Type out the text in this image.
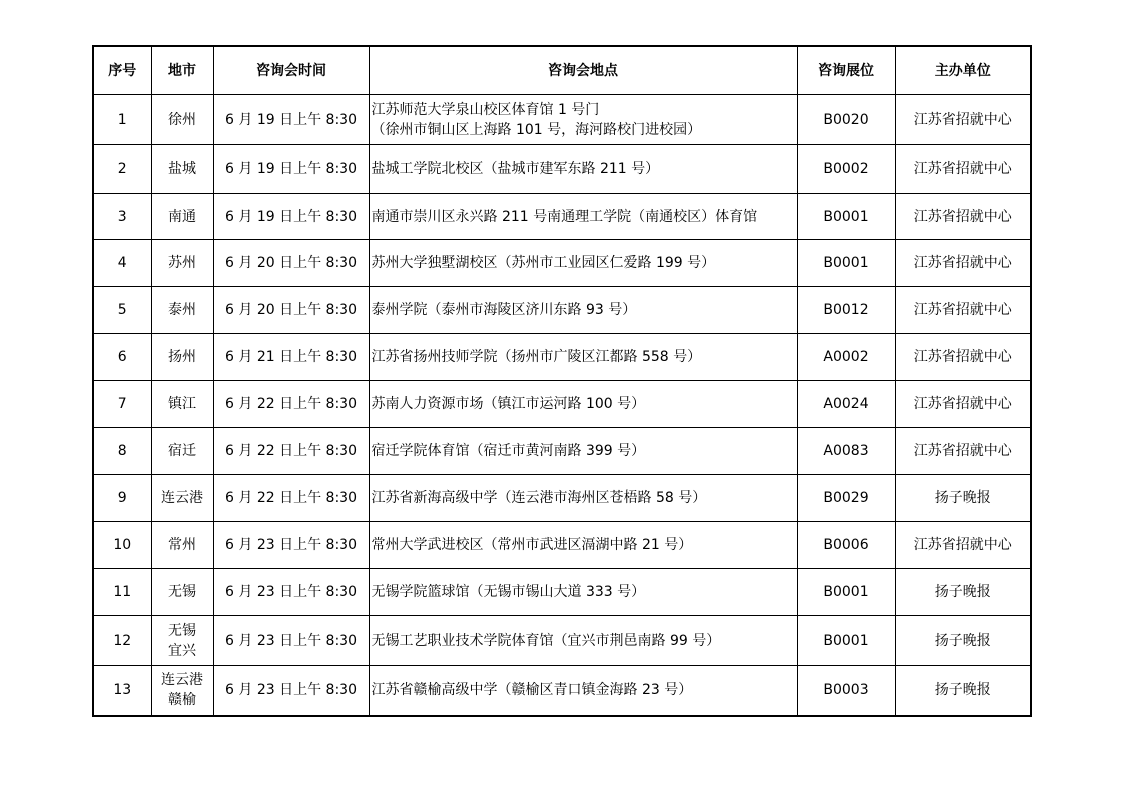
序号	地市	咨询会时间	咨询会地点	咨询展位	主办单位
1	徐州	6 月 19 日上午 8:30	江苏师范大学泉山校区体育馆 1 号门
（徐州市铜山区上海路 101 号，海河路校门进校园）	B0020	江苏省招就中心
2	盐城	6 月 19 日上午 8:30	盐城工学院北校区（盐城市建军东路 211 号）	B0002	江苏省招就中心
3	南通	6 月 19 日上午 8:30	南通市崇川区永兴路 211 号南通理工学院（南通校区）体育馆	B0001	江苏省招就中心
4	苏州	6 月 20 日上午 8:30	苏州大学独墅湖校区（苏州市工业园区仁爱路 199 号）	B0001	江苏省招就中心
5	泰州	6 月 20 日上午 8:30	泰州学院（泰州市海陵区济川东路 93 号）	B0012	江苏省招就中心
6	扬州	6 月 21 日上午 8:30	江苏省扬州技师学院（扬州市广陵区江都路 558 号）	A0002	江苏省招就中心
7	镇江	6 月 22 日上午 8:30	苏南人力资源市场（镇江市运河路 100 号）	A0024	江苏省招就中心
8	宿迁	6 月 22 日上午 8:30	宿迁学院体育馆（宿迁市黄河南路 399 号）	A0083	江苏省招就中心
9	连云港	6 月 22 日上午 8:30	江苏省新海高级中学（连云港市海州区苍梧路 58 号）	B0029	扬子晚报
10	常州	6 月 23 日上午 8:30	常州大学武进校区（常州市武进区滆湖中路 21 号）	B0006	江苏省招就中心
11	无锡	6 月 23 日上午 8:30	无锡学院篮球馆（无锡市锡山大道 333 号）	B0001	扬子晚报
12	无锡
宜兴	6 月 23 日上午 8:30	无锡工艺职业技术学院体育馆（宜兴市荆邑南路 99 号）	B0001	扬子晚报
13	连云港
赣榆	6 月 23 日上午 8:30	江苏省赣榆高级中学（赣榆区青口镇金海路 23 号）	B0003	扬子晚报
